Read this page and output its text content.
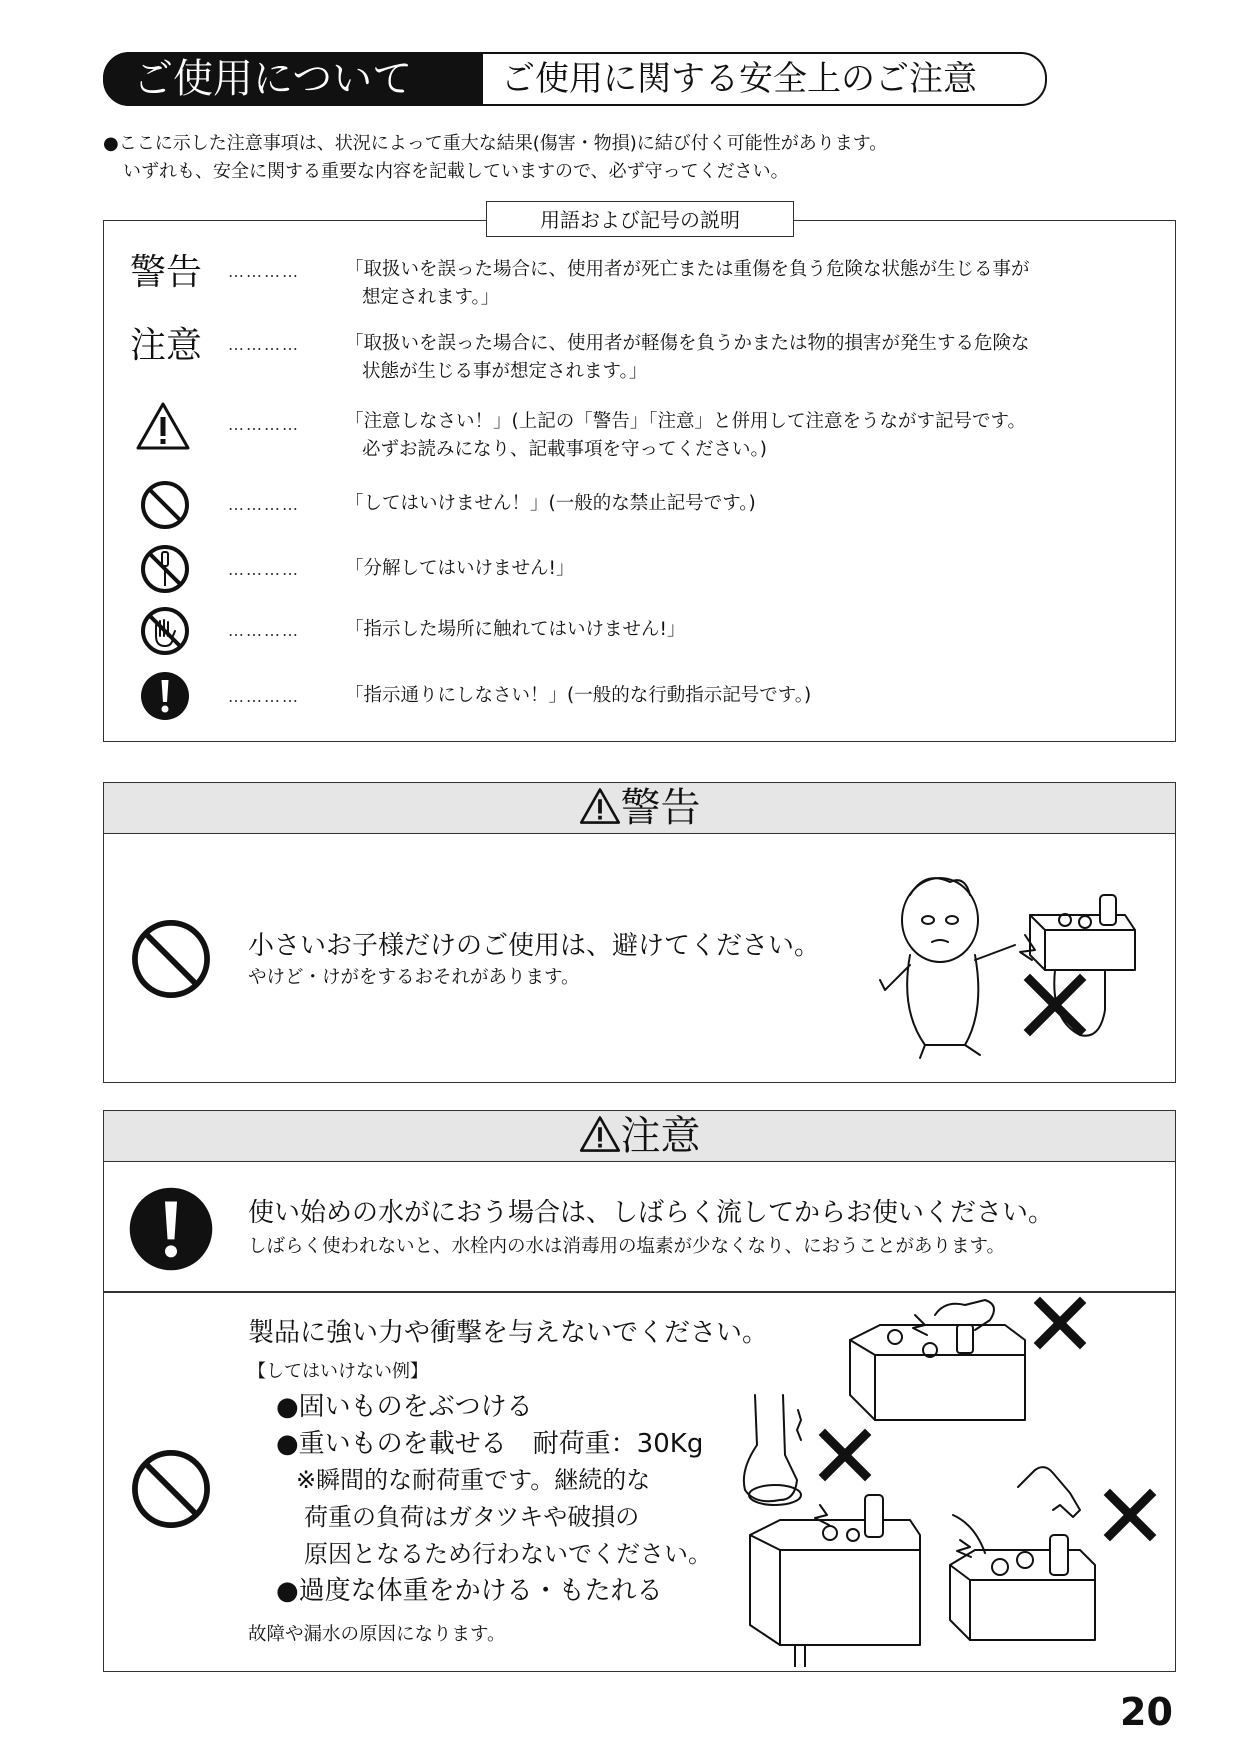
ご使用について	ご使用に関する安全上のご注意
●ここに示した注意事項は、状況によって重大な結果(傷害・物損)に結び付く可能性があります。
いずれも、安全に関する重要な内容を記載していますので、必ず守ってください。
用語および記号の説明
警告 ………… 「取扱いを誤った場合に、使用者が死亡または重傷を負う危険な状態が生じる事が
想定されます。」
注意 ………… 「取扱いを誤った場合に、使用者が軽傷を負うかまたは物的損害が発生する危険な
状態が生じる事が想定されます。」
………… 「注意しなさい！」(上記の「警告」「注意」と併用して注意をうながす記号です。
必ずお読みになり、記載事項を守ってください。)
………… 「してはいけません！」(一般的な禁止記号です。)
………… 「分解してはいけません!」
………… 「指示した場所に触れてはいけません!」
………… 「指示通りにしなさい！」(一般的な行動指示記号です。)
警告
小さいお子様だけのご使用は、避けてください。
やけど・けがをするおそれがあります。
注意
使い始めの水がにおう場合は、しばらく流してからお使いください。
しばらく使われないと、水栓内の水は消毒用の塩素が少なくなり、におうことがあります。
製品に強い力や衝撃を与えないでください。
【してはいけない例】
●固いものをぶつける
●重いものを載せる　耐荷重：30Kg
※瞬間的な耐荷重です。継続的な
荷重の負荷はガタツキや破損の
原因となるため行わないでください。
●過度な体重をかける・もたれる
故障や漏水の原因になります。
20
